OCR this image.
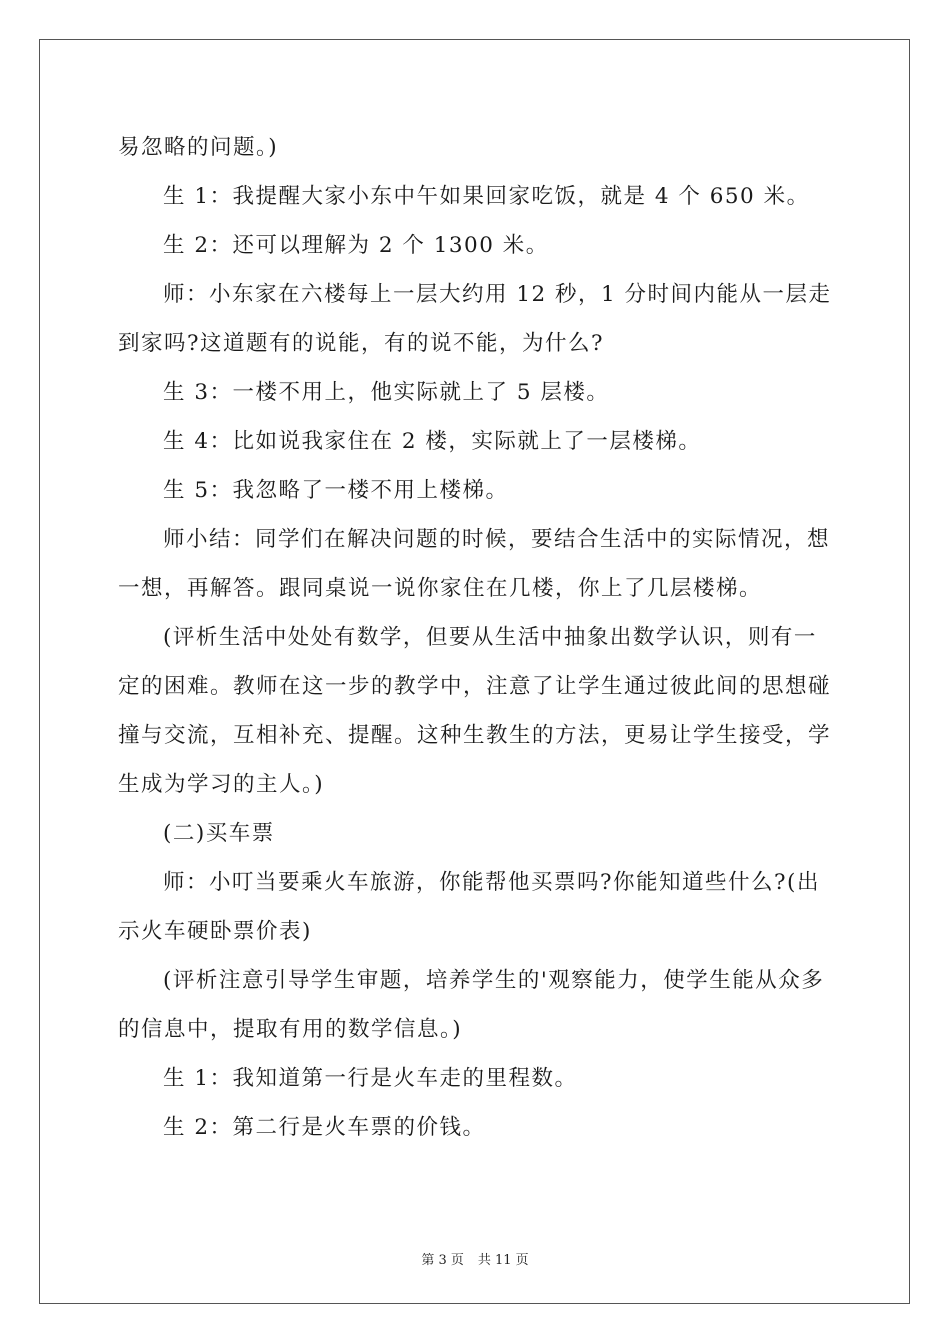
易忽略的问题。)

生 1：我提醒大家小东中午如果回家吃饭，就是 4 个 650 米。

生 2：还可以理解为 2 个 1300 米。

师：小东家在六楼每上一层大约用 12 秒，1 分时间内能从一层走到家吗?这道题有的说能，有的说不能，为什么?

生 3：一楼不用上，他实际就上了 5 层楼。

生 4：比如说我家住在 2 楼，实际就上了一层楼梯。

生 5：我忽略了一楼不用上楼梯。

师小结：同学们在解决问题的时候，要结合生活中的实际情况，想一想，再解答。跟同桌说一说你家住在几楼，你上了几层楼梯。

(评析生活中处处有数学，但要从生活中抽象出数学认识，则有一定的困难。教师在这一步的教学中，注意了让学生通过彼此间的思想碰撞与交流，互相补充、提醒。这种生教生的方法，更易让学生接受，学生成为学习的主人。)

(二)买车票

师：小叮当要乘火车旅游，你能帮他买票吗?你能知道些什么?(出示火车硬卧票价表)

(评析注意引导学生审题，培养学生的'观察能力，使学生能从众多的信息中，提取有用的数学信息。)

生 1：我知道第一行是火车走的里程数。

生 2：第二行是火车票的价钱。

第 3 页 共 11 页
